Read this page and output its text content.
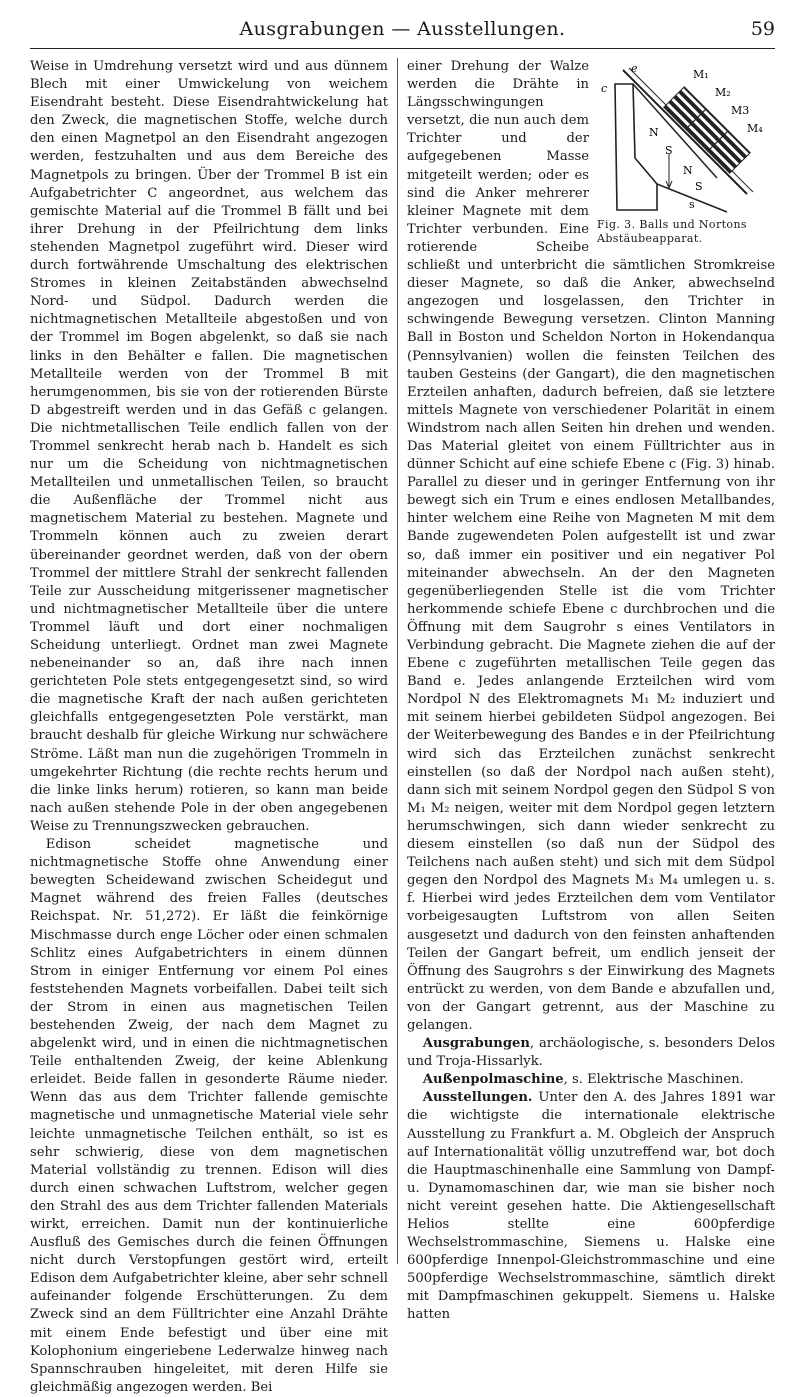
Ausgrabungen — Ausstellungen.	59

Weise in Umdrehung versetzt wird und aus dünnem Blech mit einer Umwickelung von weichem Eisendraht besteht. Diese Eisendrahtwickelung hat den Zweck, die magnetischen Stoffe, welche durch den einen Magnetpol an den Eisendraht angezogen werden, festzuhalten und aus dem Bereiche des Magnetpols zu bringen. Über der Trommel B ist ein Aufgabetrichter C angeordnet, aus welchem das gemischte Material auf die Trommel B fällt und bei ihrer Drehung in der Pfeilrichtung dem links stehenden Magnetpol zugeführt wird. Dieser wird durch fortwährende Umschaltung des elektrischen Stromes in kleinen Zeitabständen abwechselnd Nord- und Südpol. Dadurch werden die nichtmagnetischen Metallteile abgestoßen und von der Trommel im Bogen abgelenkt, so daß sie nach links in den Behälter e fallen. Die magnetischen Metallteile werden von der Trommel B mit herumgenommen, bis sie von der rotierenden Bürste D abgestreift werden und in das Gefäß c gelangen. Die nichtmetallischen Teile endlich fallen von der Trommel senkrecht herab nach b. Handelt es sich nur um die Scheidung von nichtmagnetischen Metallteilen und unmetallischen Teilen, so braucht die Außenfläche der Trommel nicht aus magnetischem Material zu bestehen. Magnete und Trommeln können auch zu zweien derart übereinander geordnet werden, daß von der obern Trommel der mittlere Strahl der senkrecht fallenden Teile zur Ausscheidung mitgerissener magnetischer und nichtmagnetischer Metallteile über die untere Trommel läuft und dort einer nochmaligen Scheidung unterliegt. Ordnet man zwei Magnete nebeneinander so an, daß ihre nach innen gerichteten Pole stets entgegengesetzt sind, so wird die magnetische Kraft der nach außen gerichteten gleichfalls entgegengesetzten Pole verstärkt, man braucht deshalb für gleiche Wirkung nur schwächere Ströme. Läßt man nun die zugehörigen Trommeln in umgekehrter Richtung (die rechte rechts herum und die linke links herum) rotieren, so kann man beide nach außen stehende Pole in der oben angegebenen Weise zu Trennungszwecken gebrauchen.

Edison scheidet magnetische und nichtmagnetische Stoffe ohne Anwendung einer bewegten Scheidewand zwischen Scheidegut und Magnet während des freien Falles (deutsches Reichspat. Nr. 51,272). Er läßt die feinkörnige Mischmasse durch enge Löcher oder einen schmalen Schlitz eines Aufgabetrichters in einem dünnen Strom in einiger Entfernung vor einem Pol eines feststehenden Magnets vorbeifallen. Dabei teilt sich der Strom in einen aus magnetischen Teilen bestehenden Zweig, der nach dem Magnet zu abgelenkt wird, und in einen die nichtmagnetischen Teile enthaltenden Zweig, der keine Ablenkung erleidet. Beide fallen in gesonderte Räume nieder. Wenn das aus dem Trichter fallende gemischte magnetische und unmagnetische Material viele sehr leichte unmagnetische Teilchen enthält, so ist es sehr schwierig, diese von dem magnetischen Material vollständig zu trennen. Edison will dies durch einen schwachen Luftstrom, welcher gegen den Strahl des aus dem Trichter fallenden Materials wirkt, erreichen. Damit nun der kontinuierliche Ausfluß des Gemisches durch die feinen Öffnungen nicht durch Verstopfungen gestört wird, erteilt Edison dem Aufgabetrichter kleine, aber sehr schnell aufeinander folgende Erschütterungen. Zu dem Zweck sind an dem Fülltrichter eine Anzahl Drähte mit einem Ende befestigt und über eine mit Kolophonium eingeriebene Lederwalze hinweg nach Spannschrauben hingeleitet, mit deren Hilfe sie gleichmäßig angezogen werden. Bei

e
c
M₁
M₂
M3
M₄
N
S
N
S
s
Fig. 3. Balls und Nortons Abstäubeapparat.

einer Drehung der Walze werden die Drähte in Längsschwingungen versetzt, die nun auch dem Trichter und der aufgegebenen Masse mitgeteilt werden; oder es sind die Anker mehrerer kleiner Magnete mit dem Trichter verbunden. Eine rotierende Scheibe schließt und unterbricht die sämtlichen Stromkreise dieser Magnete, so daß die Anker, abwechselnd angezogen und losgelassen, den Trichter in schwingende Bewegung versetzen. Clinton Manning Ball in Boston und Scheldon Norton in Hokendanqua (Pennsylvanien) wollen die feinsten Teilchen des tauben Gesteins (der Gangart), die den magnetischen Erzteilen anhaften, dadurch befreien, daß sie letztere mittels Magnete von verschiedener Polarität in einem Windstrom nach allen Seiten hin drehen und wenden. Das Material gleitet von einem Fülltrichter aus in dünner Schicht auf eine schiefe Ebene c (Fig. 3) hinab. Parallel zu dieser und in geringer Entfernung von ihr bewegt sich ein Trum e eines endlosen Metallbandes, hinter welchem eine Reihe von Magneten M mit dem Bande zugewendeten Polen aufgestellt ist und zwar so, daß immer ein positiver und ein negativer Pol miteinander abwechseln. An der den Magneten gegenüberliegenden Stelle ist die vom Trichter herkommende schiefe Ebene c durchbrochen und die Öffnung mit dem Saugrohr s eines Ventilators in Verbindung gebracht. Die Magnete ziehen die auf der Ebene c zugeführten metallischen Teile gegen das Band e. Jedes anlangende Erzteilchen wird vom Nordpol N des Elektromagnets M₁ M₂ induziert und mit seinem hierbei gebildeten Südpol angezogen. Bei der Weiterbewegung des Bandes e in der Pfeilrichtung wird sich das Erzteilchen zunächst senkrecht einstellen (so daß der Nordpol nach außen steht), dann sich mit seinem Nordpol gegen den Südpol S von M₁ M₂ neigen, weiter mit dem Nordpol gegen letztern herumschwingen, sich dann wieder senkrecht zu diesem einstellen (so daß nun der Südpol des Teilchens nach außen steht) und sich mit dem Südpol gegen den Nordpol des Magnets M₃ M₄ umlegen u. s. f. Hierbei wird jedes Erzteilchen dem vom Ventilator vorbeigesaugten Luftstrom von allen Seiten ausgesetzt und dadurch von den feinsten anhaftenden Teilen der Gangart befreit, um endlich jenseit der Öffnung des Saugrohrs s der Einwirkung des Magnets entrückt zu werden, von dem Bande e abzufallen und, von der Gangart getrennt, aus der Maschine zu gelangen.

Ausgrabungen, archäologische, s. besonders Delos und Troja-Hissarlyk.

Außenpolmaschine, s. Elektrische Maschinen.

Ausstellungen. Unter den A. des Jahres 1891 war die wichtigste die internationale elektrische Ausstellung zu Frankfurt a. M. Obgleich der Anspruch auf Internationalität völlig unzutreffend war, bot doch die Hauptmaschinenhalle eine Sammlung von Dampf- u. Dynamomaschinen dar, wie man sie bisher noch nicht vereint gesehen hatte. Die Aktiengesellschaft Helios stellte eine 600pferdige Wechselstrommaschine, Siemens u. Halske eine 600pferdige Innenpol-Gleichstrommaschine und eine 500pferdige Wechselstrommaschine, sämtlich direkt mit Dampfmaschinen gekuppelt. Siemens u. Halske hatten
